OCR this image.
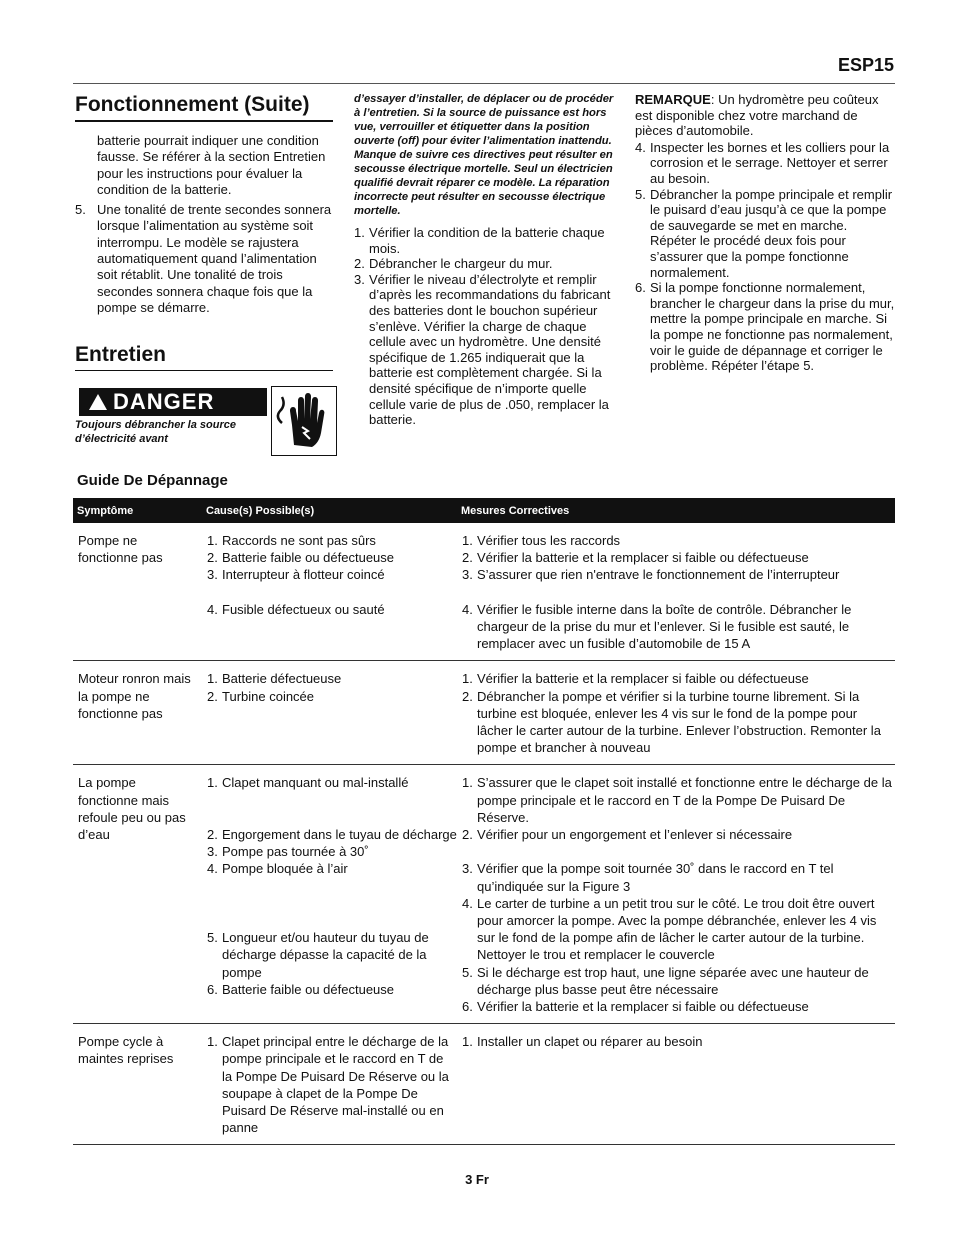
ESP15
Fonctionnement (Suite)
batterie pourrait indiquer une condition fausse. Se référer à la section Entretien pour les instructions pour évaluer la condition de la batterie.
5. Une tonalité de trente secondes sonnera lorsque l’alimentation au système soit interrompu. Le modèle se rajustera automatiquement quand l’alimentation soit rétablit. Une tonalité de trois secondes sonnera chaque fois que la pompe se démarre.
Entretien
DANGER
Toujours débrancher la source d’électricité avant
d’essayer d’installer, de déplacer ou de procéder à l’entretien. Si la source de puissance est hors vue, verrouiller et étiquetter dans la position ouverte (off) pour éviter l’alimentation inattendu. Manque de suivre ces directives peut résulter en secousse électrique mortelle. Seul un électricien qualifié devrait réparer ce modèle. La réparation incorrecte peut résulter en secousse électrique mortelle.
1. Vérifier la condition de la batterie chaque mois.
2. Débrancher le chargeur du mur.
3. Vérifier le niveau d’électrolyte et remplir d’après les recommandations du fabricant des batteries dont le bouchon supérieur s’enlève. Vérifier la charge de chaque cellule avec un hydromètre. Une densité spécifique de 1.265 indiquerait que la batterie est complètement chargée. Si la densité spécifique de n’importe quelle cellule varie de plus de .050, remplacer la batterie.
REMARQUE: Un hydromètre peu coûteux est disponible chez votre marchand de pièces d’automobile.
4. Inspecter les bornes et les colliers pour la corrosion et le serrage. Nettoyer et serrer au besoin.
5. Débrancher la pompe principale et remplir le puisard d’eau jusqu’à ce que la pompe de sauvegarde se met en marche. Répéter le procédé deux fois pour s’assurer que la pompe fonctionne normalement.
6. Si la pompe fonctionne normalement, brancher le chargeur dans la prise du mur, mettre la pompe principale en marche. Si la pompe ne fonctionne pas normalement, voir le guide de dépannage et corriger le problème. Répéter l’étape 5.
Guide De Dépannage
Symptôme	Cause(s) Possible(s)	Mesures Correctives
Pompe ne fonctionne pas
1. Raccords ne sont pas sûrs
2. Batterie faible ou défectueuse
3. Interrupteur à flotteur coincé
4. Fusible défectueux ou sauté
1. Vérifier tous les raccords
2. Vérifier la batterie et la remplacer si faible ou défectueuse
3. S’assurer que rien n'entrave le fonctionnement de l’interrupteur
4. Vérifier le fusible interne dans la boîte de contrôle. Débrancher le chargeur de la prise du mur et l’enlever. Si le fusible est sauté, le remplacer avec un fusible d’automobile de 15 A
Moteur ronron mais la pompe ne fonctionne pas
1. Batterie défectueuse
2. Turbine coincée
1. Vérifier la batterie et la remplacer si faible ou défectueuse
2. Débrancher la pompe et vérifier si la turbine tourne librement. Si la turbine est bloquée, enlever les 4 vis sur le fond de la pompe pour lâcher le carter autour de la turbine. Enlever l’obstruction. Remonter la pompe et brancher à nouveau
La pompe fonctionne mais refoule peu ou pas d’eau
1. Clapet manquant ou mal-installé
2. Engorgement dans le tuyau de décharge
3. Pompe pas tournée à 30˚
4. Pompe bloquée à l’air
5. Longueur et/ou hauteur du tuyau de décharge dépasse la capacité de la pompe
6. Batterie faible ou défectueuse
1. S’assurer que le clapet soit installé et fonctionne entre le décharge de la pompe principale et le raccord en T de la Pompe De Puisard De Réserve.
2. Vérifier pour un engorgement et l’enlever si nécessaire
3. Vérifier que la pompe soit tournée 30˚ dans le raccord en T tel qu’indiquée sur la Figure 3
4. Le carter de turbine a un petit trou sur le côté. Le trou doit être ouvert pour amorcer la pompe. Avec la pompe débranchée, enlever les 4 vis sur le fond de la pompe afin de lâcher le carter autour de la turbine. Nettoyer le trou et remplacer le couvercle
5. Si le décharge est trop haut, une ligne séparée avec une hauteur de décharge plus basse peut être nécessaire
6. Vérifier la batterie et la remplacer si faible ou défectueuse
Pompe cycle à maintes reprises
1. Clapet principal entre le décharge de la pompe principale et le raccord en T de la Pompe De Puisard De Réserve ou la soupape à clapet de la Pompe De Puisard De Réserve mal-installé ou en panne
1. Installer un clapet ou réparer au besoin
3 Fr
